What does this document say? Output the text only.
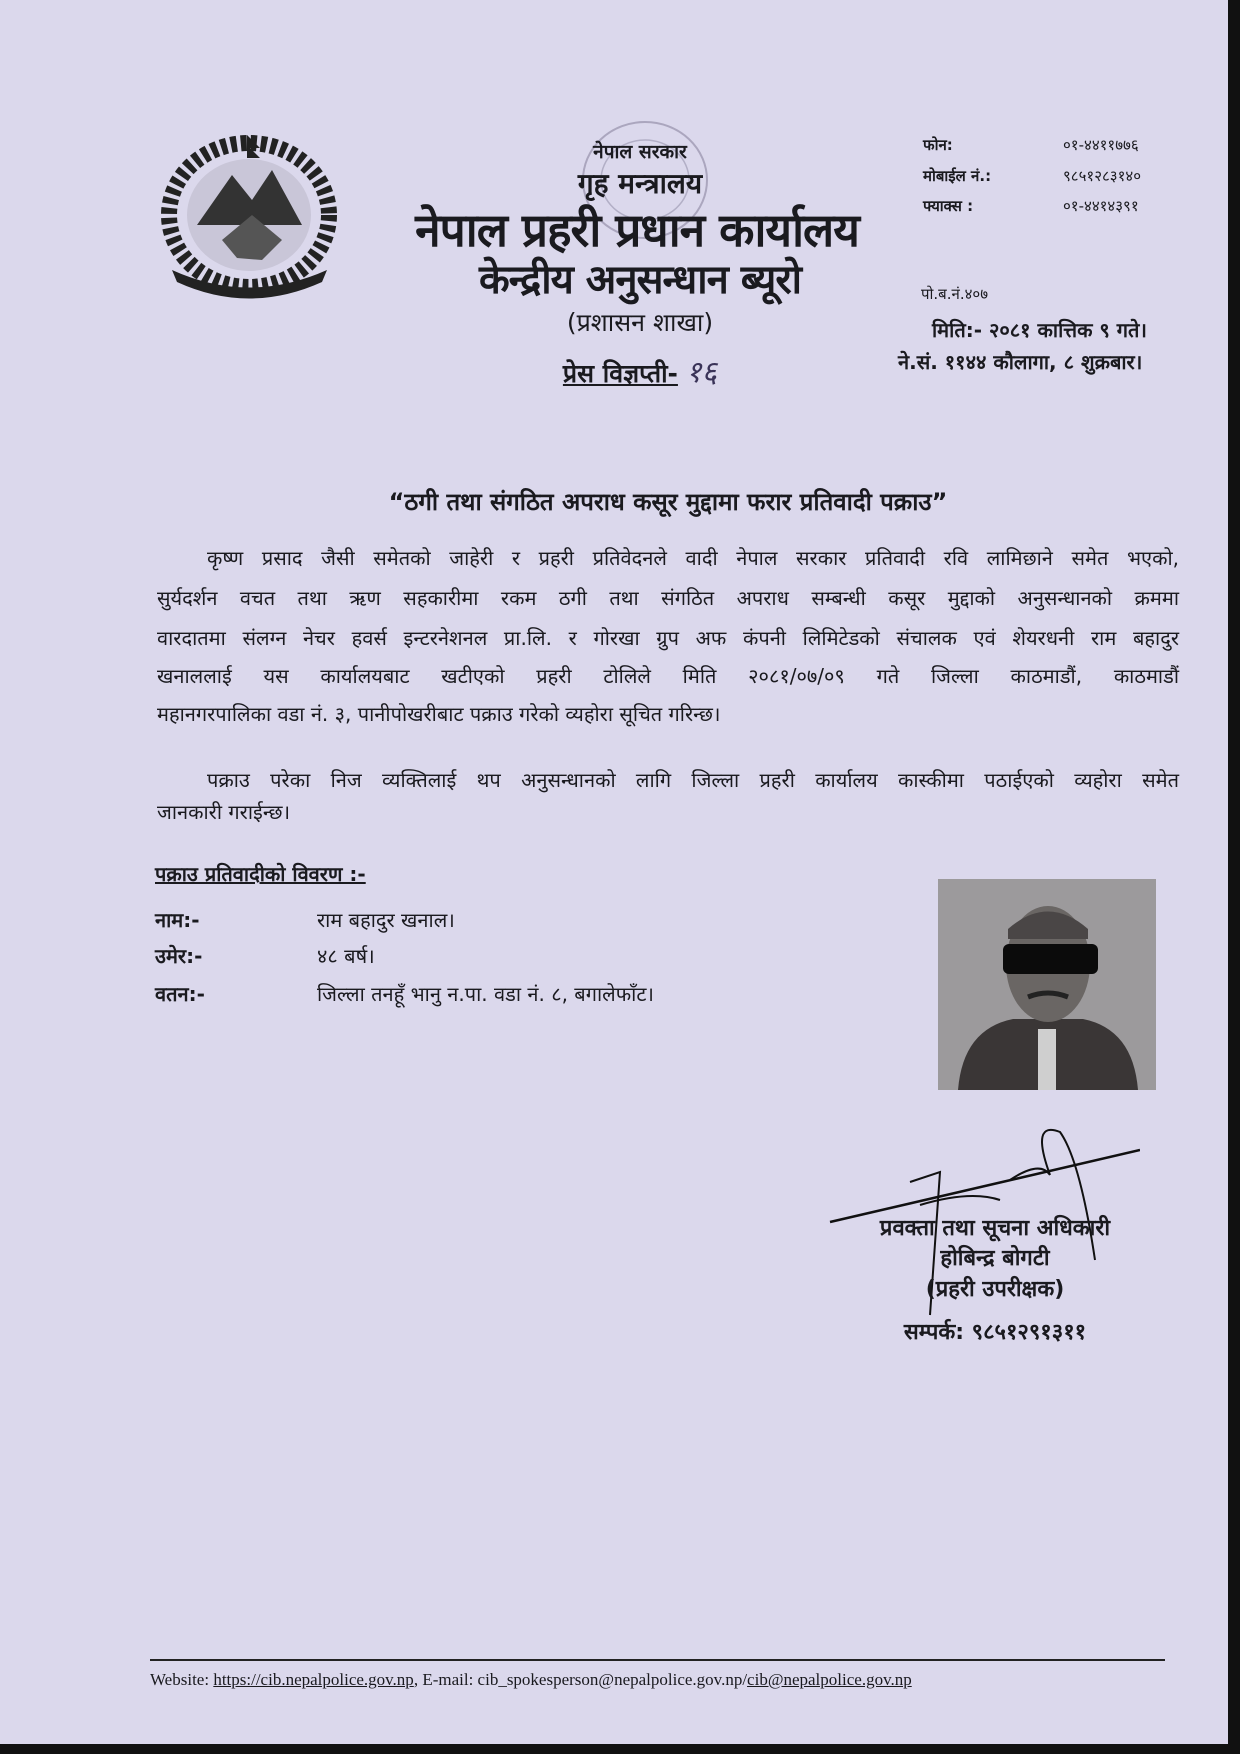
नेपाल सरकार
गृह मन्त्रालय
नेपाल प्रहरी प्रधान कार्यालय
केन्द्रीय अनुसन्धान ब्यूरो
(प्रशासन शाखा)
प्रेस विज्ञप्ती- १६
फोन:	०१-४४११७७६
मोबाईल नं.:	९८५१२८३१४०
फ्याक्स :	०१-४४१४३९१
पो.ब.नं.४०७
मिति:- २०८१ कात्तिक ९ गते।
ने.सं. ११४४ कौलागा, ८ शुक्रबार।
“ठगी तथा संगठित अपराध कसूर मुद्दामा फरार प्रतिवादी पक्राउ”
कृष्ण प्रसाद जैसी समेतको जाहेरी र प्रहरी प्रतिवेदनले वादी नेपाल सरकार प्रतिवादी रवि लामिछाने समेत भएको,
सुर्यदर्शन वचत तथा ऋण सहकारीमा रकम ठगी तथा संगठित अपराध सम्बन्धी कसूर मुद्दाको अनुसन्धानको क्रममा
वारदातमा संलग्न नेचर हवर्स इन्टरनेशनल प्रा.लि. र गोरखा ग्रुप अफ कंपनी लिमिटेडको संचालक एवं शेयरधनी राम बहादुर
खनाललाई यस कार्यालयबाट खटीएको प्रहरी टोलिले मिति २०८१/०७/०९ गते जिल्ला काठमाडौं, काठमाडौं
महानगरपालिका वडा नं. ३, पानीपोखरीबाट पक्राउ गरेको व्यहोरा सूचित गरिन्छ।
पक्राउ परेका निज व्यक्तिलाई थप अनुसन्धानको लागि जिल्ला प्रहरी कार्यालय कास्कीमा पठाईएको व्यहोरा समेत
जानकारी गराईन्छ।
पक्राउ प्रतिवादीको विवरण :-
नाम:-	राम बहादुर खनाल।
उमेर:-	४८ बर्ष।
वतन:-	जिल्ला तनहूँ भानु न.पा. वडा नं. ८, बगालेफाँट।
प्रवक्ता तथा सूचना अधिकारी
होबिन्द्र बोगटी
(प्रहरी उपरीक्षक)
सम्पर्क: ९८५१२९१३११
Website: https://cib.nepalpolice.gov.np, E-mail: cib_spokesperson@nepalpolice.gov.np/cib@nepalpolice.gov.np
